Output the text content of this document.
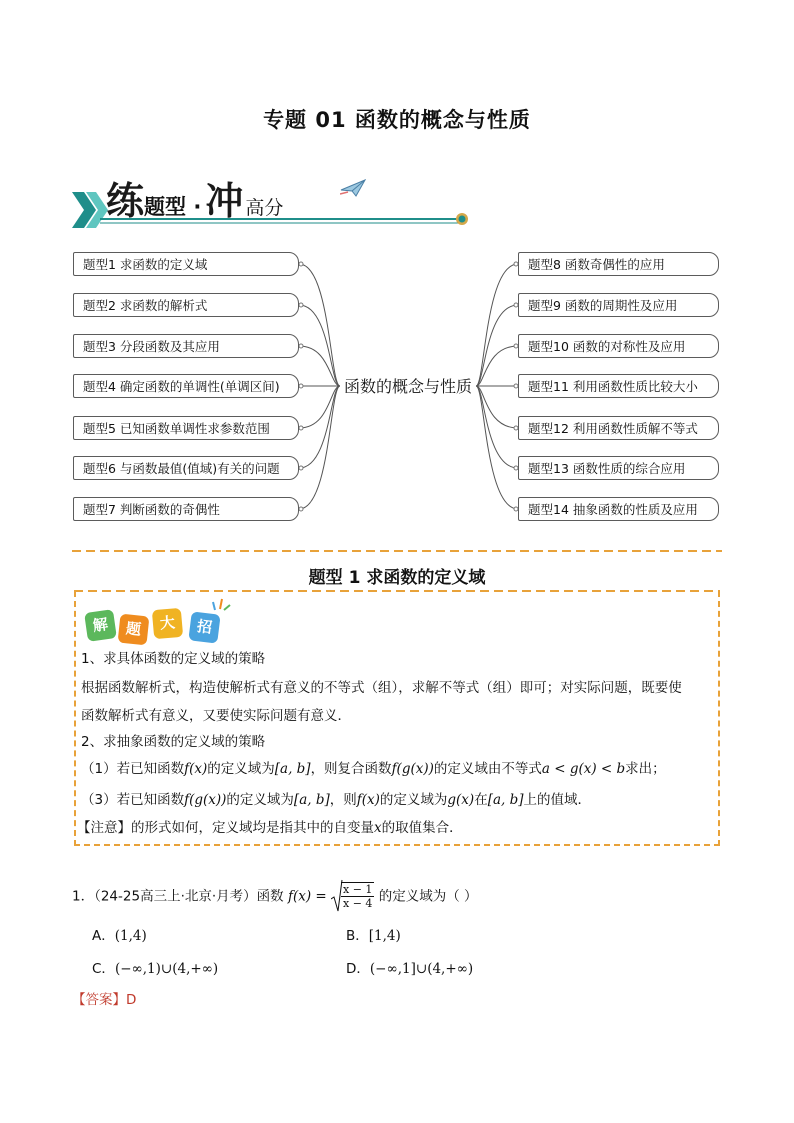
专题 01 函数的概念与性质
练题型 · 冲 高分
题型1 求函数的定义域
题型2 求函数的解析式
题型3 分段函数及其应用
题型4 确定函数的单调性(单调区间)
题型5 已知函数单调性求参数范围
题型6 与函数最值(值域)有关的问题
题型7 判断函数的奇偶性
函数的概念与性质
题型8 函数奇偶性的应用
题型9 函数的周期性及应用
题型10 函数的对称性及应用
题型11 利用函数性质比较大小
题型12 利用函数性质解不等式
题型13 函数性质的综合应用
题型14 抽象函数的性质及应用
题型 1 求函数的定义域
解	题	大	招
1、求具体函数的定义域的策略
根据函数解析式，构造使解析式有意义的不等式（组），求解不等式（组）即可；对实际问题，既要使
函数解析式有意义，又要使实际问题有意义．
2、求抽象函数的定义域的策略
（1）若已知函数f(x)的定义域为[a, b]，则复合函数f(g(x))的定义域由不等式a < g(x) < b求出；
（3）若已知函数f(g(x))的定义域为[a, b]，则f(x)的定义域为g(x)在[a, b]上的值域．
【注意】的形式如何，定义域均是指其中的自变量x的取值集合．
1．（24-25高三上·北京·月考）函数 $f(x) = \frac{x - 1}{x - 4}$ 的定义域为（ ）
A．(1,4)	B．[1,4)
C．(−∞,1)∪(4,+∞)	D．(−∞,1]∪(4,+∞)
【答案】D
